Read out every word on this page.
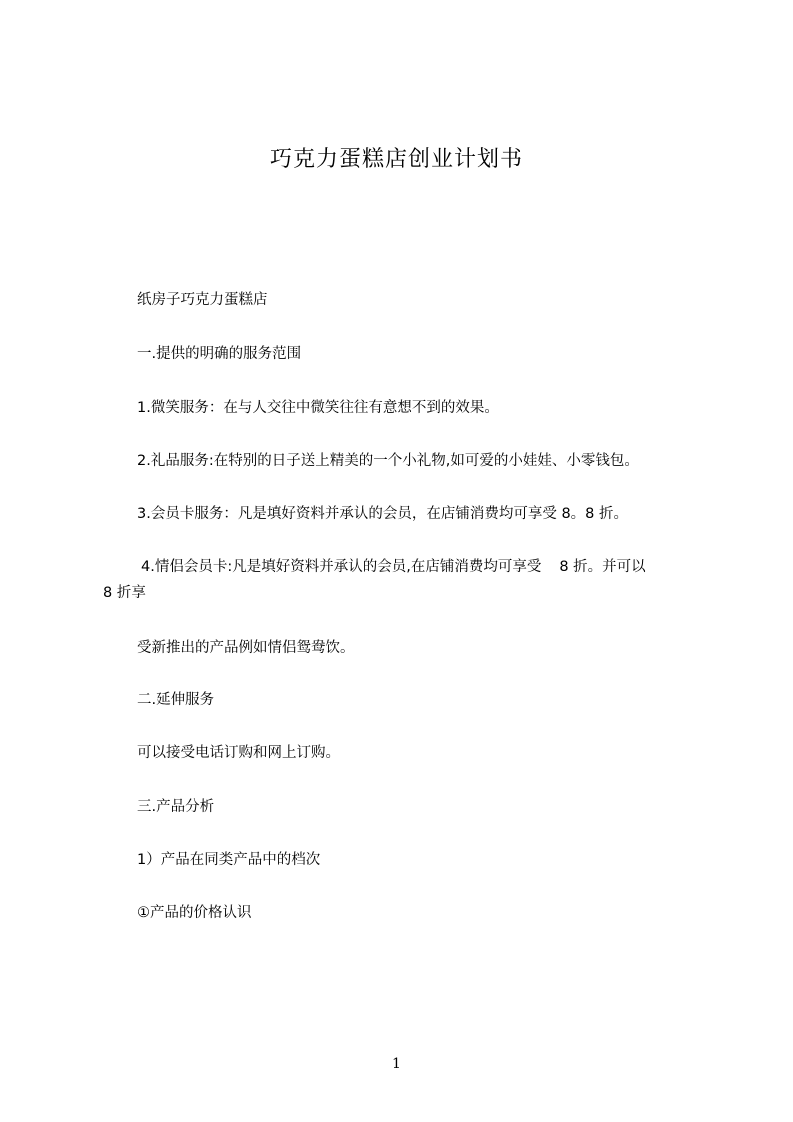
巧克力蛋糕店创业计划书
纸房子巧克力蛋糕店
一.提供的明确的服务范围
1.微笑服务：在与人交往中微笑往往有意想不到的效果。
2.礼品服务:在特别的日子送上精美的一个小礼物,如可爱的小娃娃、小零钱包。
3.会员卡服务：凡是填好资料并承认的会员，在店铺消费均可享受 8。8 折。
4.情侣会员卡:凡是填好资料并承认的会员,在店铺消费均可享受 8 折。并可以
8 折享
受新推出的产品例如情侣鸳鸯饮。
二.延伸服务
可以接受电话订购和网上订购。
三.产品分析
1）产品在同类产品中的档次
①产品的价格认识
1
